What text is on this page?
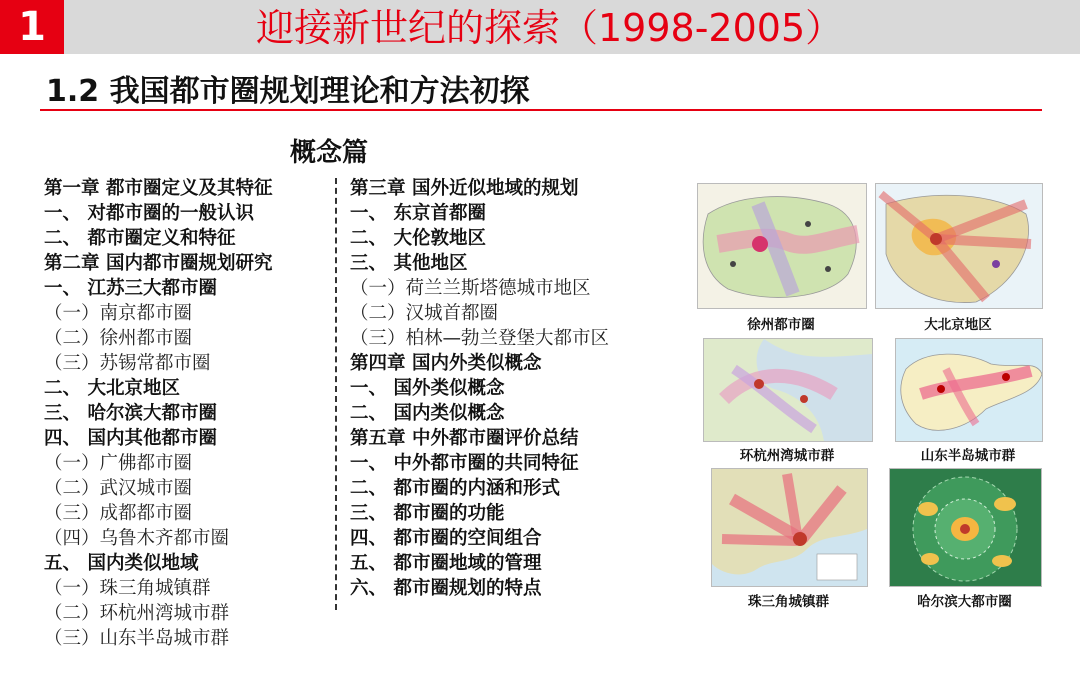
1	迎接新世纪的探索（1998-2005）
1.2 我国都市圈规划理论和方法初探
概念篇
第一章 都市圈定义及其特征
一、 对都市圈的一般认识
二、 都市圈定义和特征
第二章 国内都市圈规划研究
一、 江苏三大都市圈
（一）南京都市圈
（二）徐州都市圈
（三）苏锡常都市圈
二、 大北京地区
三、 哈尔滨大都市圈
四、 国内其他都市圈
（一）广佛都市圈
（二）武汉城市圈
（三）成都都市圈
（四）乌鲁木齐都市圈
五、 国内类似地域
（一）珠三角城镇群
（二）环杭州湾城市群
（三）山东半岛城市群
第三章 国外近似地域的规划
一、 东京首都圈
二、 大伦敦地区
三、 其他地区
（一）荷兰兰斯塔德城市地区
（二）汉城首都圈
（三）柏林—勃兰登堡大都市区
第四章 国内外类似概念
一、 国外类似概念
二、 国内类似概念
第五章 中外都市圈评价总结
一、 中外都市圈的共同特征
二、 都市圈的内涵和形式
三、 都市圈的功能
四、 都市圈的空间组合
五、 都市圈地域的管理
六、 都市圈规划的特点
徐州都市圈	大北京地区
环杭州湾城市群	山东半岛城市群
珠三角城镇群	哈尔滨大都市圈
